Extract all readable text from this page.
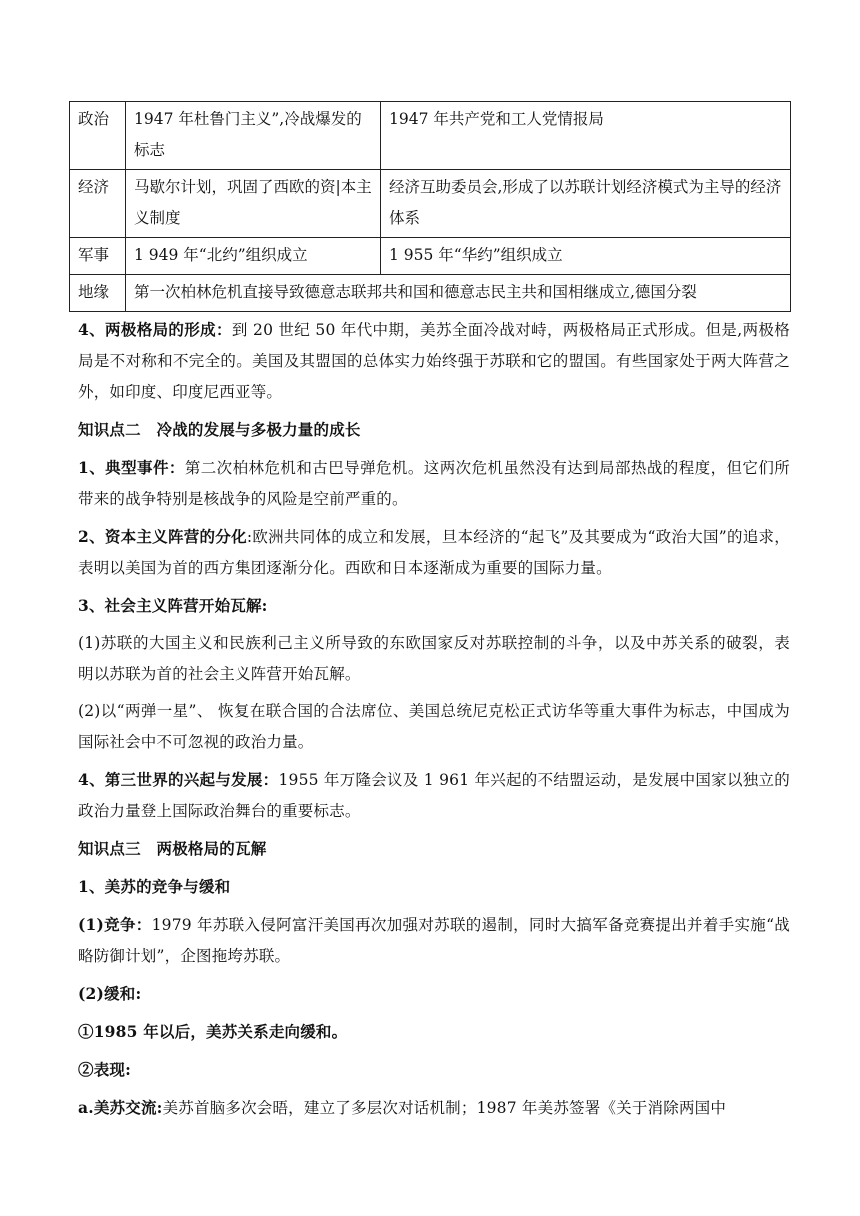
政治	1947 年杜鲁门主义”,冷战爆发的标志	1947 年共产党和工人党情报局
经济	马歇尔计划，巩固了西欧的资|本主义制度	经济互助委员会,形成了以苏联计划经济模式为主导的经济体系
军事	1 949 年“北约”组织成立	1 955 年“华约”组织成立
地缘	第一次柏林危机直接导致德意志联邦共和国和德意志民主共和国相继成立,德国分裂	

4、两极格局的形成：到 20 世纪 50 年代中期，美苏全面冷战对峙，两极格局正式形成。但是,两极格局是不对称和不完全的。美国及其盟国的总体实力始终强于苏联和它的盟国。有些国家处于两大阵营之外，如印度、印度尼西亚等。

知识点二　冷战的发展与多极力量的成长

1、典型事件：第二次柏林危机和古巴导弹危机。这两次危机虽然没有达到局部热战的程度，但它们所带来的战争特别是核战争的风险是空前严重的。

2、资本主义阵营的分化:欧洲共同体的成立和发展，旦本经济的“起飞”及其要成为“政治大国”的追求，表明以美国为首的西方集团逐渐分化。西欧和日本逐渐成为重要的国际力量。

3、社会主义阵营开始瓦解:

(1)苏联的大国主义和民族利己主义所导致的东欧国家反对苏联控制的斗争，以及中苏关系的破裂，表明以苏联为首的社会主义阵营开始瓦解。

(2)以“两弹一星”、 恢复在联合国的合法席位、美国总统尼克松正式访华等重大事件为标志，中国成为国际社会中不可忽视的政治力量。

4、第三世界的兴起与发展：1955 年万隆会议及 1 961 年兴起的不结盟运动，是发展中国家以独立的政治力量登上国际政治舞台的重要标志。

知识点三　两极格局的瓦解

1、美苏的竞争与缓和

(1)竞争：1979 年苏联入侵阿富汗美国再次加强对苏联的遏制，同时大搞军备竞赛提出并着手实施“战略防御计划”，企图拖垮苏联。

(2)缓和:

①1985 年以后，美苏关系走向缓和。

②表现:

a.美苏交流:美苏首脑多次会晤，建立了多层次对话机制；1987 年美苏签署《关于消除两国中
